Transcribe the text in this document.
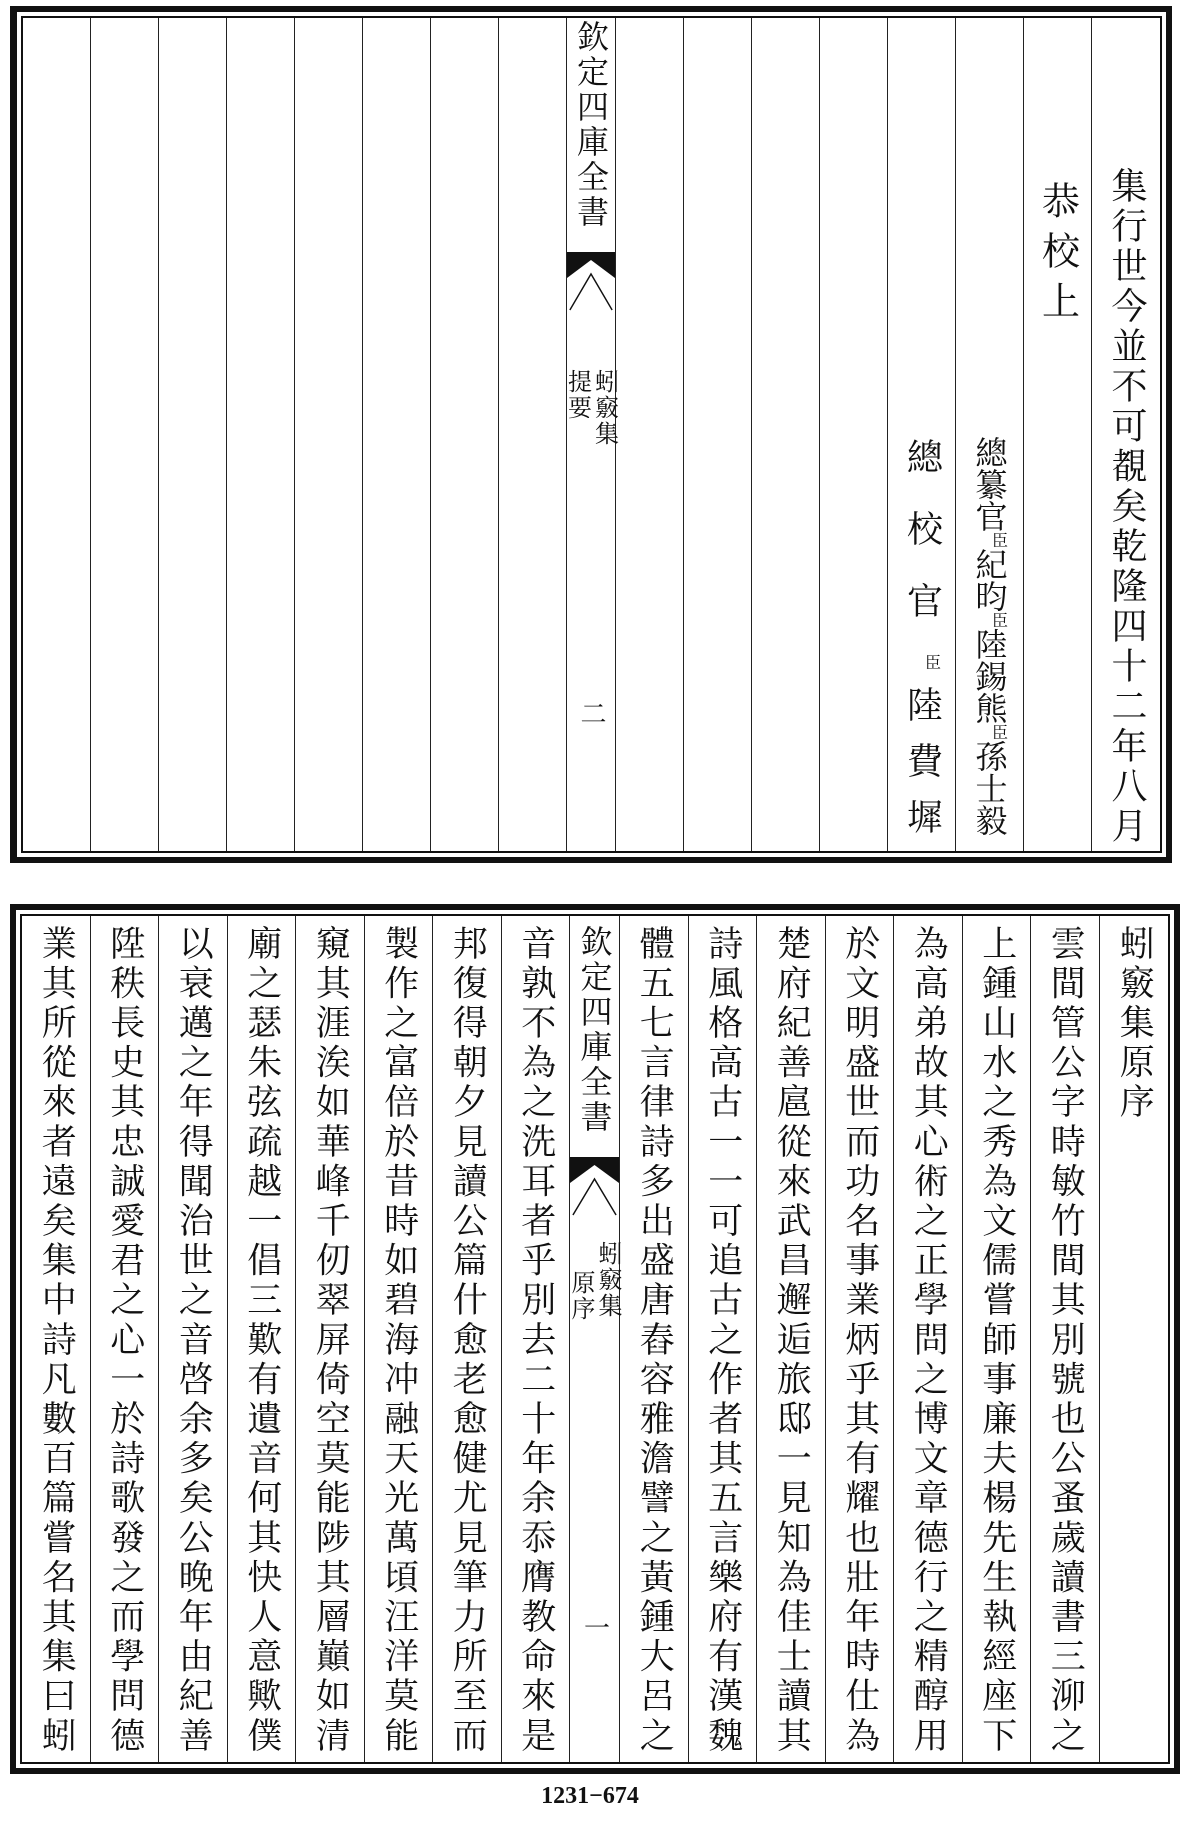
集行世今並不可覩矣乾隆四十二年八月
恭校上
總纂官
臣
紀昀
臣
陸錫熊
臣
孫士毅
總校官
臣
陸費墀
欽定四庫全書
蚓竅集
提要
二
蚓竅集原序
雲間管公字時敏竹間其別號也公蚤歲讀書三泖之
上鍾山水之秀為文儒嘗師事廉夫楊先生執經座下
為高弟故其心術之正學問之博文章德行之精醇用
於文明盛世而功名事業炳乎其有耀也壯年時仕為
楚府紀善扈從來武昌邂逅旅邸一見知為佳士讀其
詩風格高古一一可追古之作者其五言樂府有漢魏
體五七言律詩多出盛唐舂容雅澹譬之黃鍾大呂之
欽定四庫全書
蚓竅集
原序
一
音孰不為之洗耳者乎別去二十年余忝膺教命來是
邦復得朝夕見讀公篇什愈老愈健尤見筆力所至而
製作之富倍於昔時如碧海冲融天光萬頃汪洋莫能
窺其涯涘如華峰千仞翠屏倚空莫能陟其層巔如清
廟之瑟朱弦疏越一倡三歎有遺音何其快人意歟僕
以衰邁之年得聞治世之音啓余多矣公晚年由紀善
陞秩長史其忠誠愛君之心一於詩歌發之而學問德
業其所從來者遠矣集中詩凡數百篇嘗名其集曰蚓
1231−674
